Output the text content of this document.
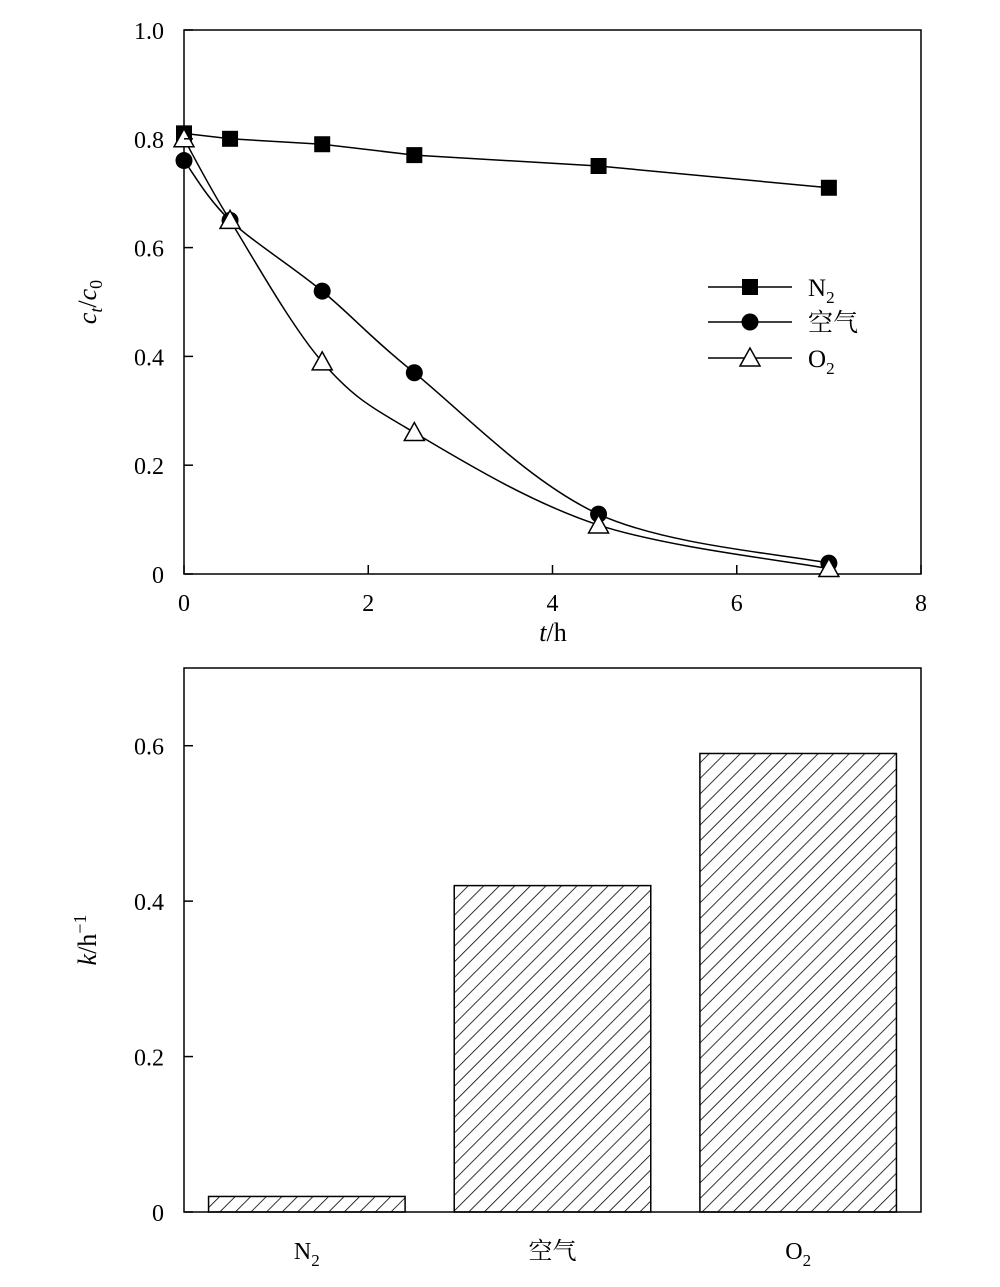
0	2	4	6	8
0
0.2
0.4
0.6
0.8
1.0
$c_t/c_0$
t/h
$N_2$
空气
$O_2$
0
0.2
0.4
0.6
$N_2$	空气	$O_2$
$k/h^{-1}$
